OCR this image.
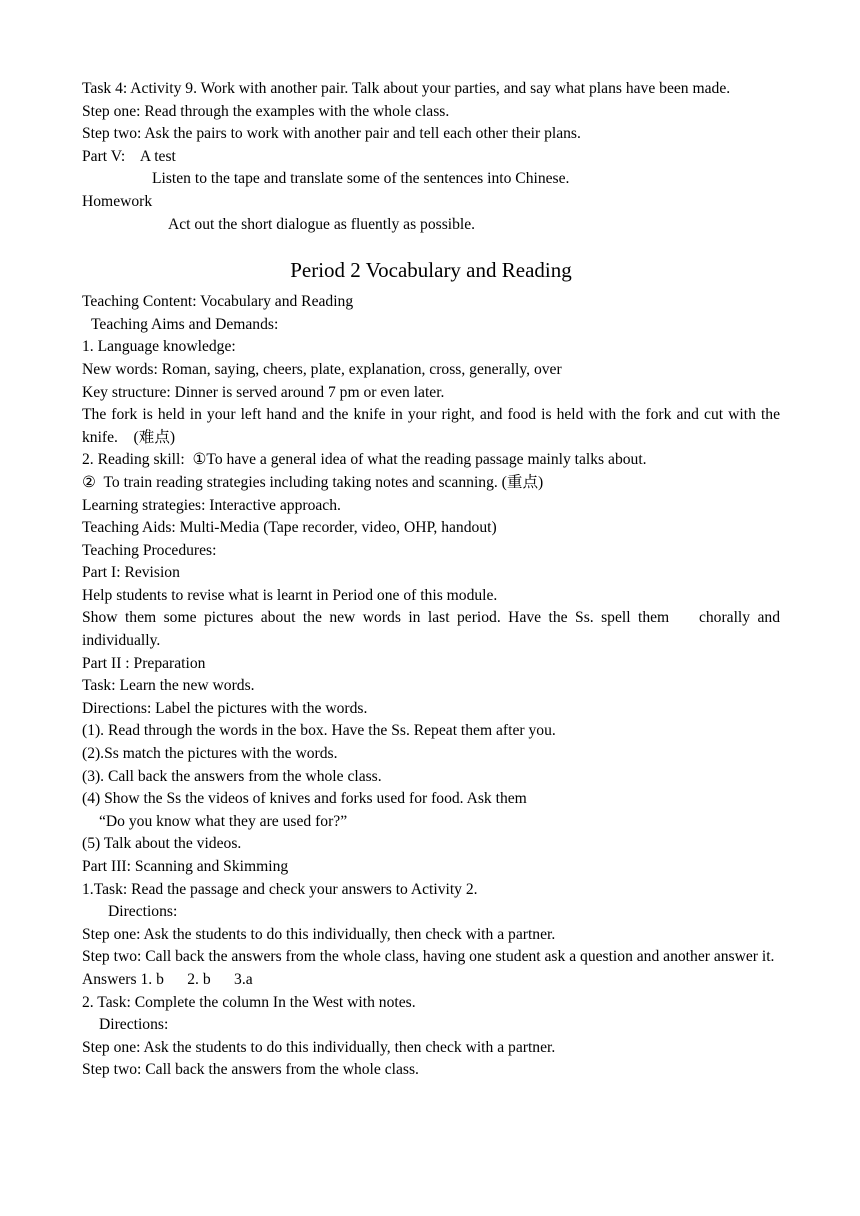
Task 4: Activity 9. Work with another pair. Talk about your parties, and say what plans have been made.

Step one: Read through the examples with the whole class.

Step two: Ask the pairs to work with another pair and tell each other their plans.

Part V:    A test

Listen to the tape and translate some of the sentences into Chinese.

Homework

Act out the short dialogue as fluently as possible.

Period 2 Vocabulary and Reading

Teaching Content: Vocabulary and Reading

Teaching Aims and Demands:

1. Language knowledge:

New words: Roman, saying, cheers, plate, explanation, cross, generally, over

Key structure: Dinner is served around 7 pm or even later.

The fork is held in your left hand and the knife in your right, and food is held with the fork and cut with the knife.    (难点)

2. Reading skill:  ①To have a general idea of what the reading passage mainly talks about.

②  To train reading strategies including taking notes and scanning. (重点)

Learning strategies: Interactive approach.

Teaching Aids: Multi-Media (Tape recorder, video, OHP, handout)

Teaching Procedures:

Part I: Revision

Help students to revise what is learnt in Period one of this module.

Show them some pictures about the new words in last period. Have the Ss. spell them    chorally and individually.

Part II : Preparation

Task: Learn the new words.

Directions: Label the pictures with the words.

(1). Read through the words in the box. Have the Ss. Repeat them after you.

(2).Ss match the pictures with the words.

(3). Call back the answers from the whole class.

(4) Show the Ss the videos of knives and forks used for food. Ask them

“Do you know what they are used for?”

(5) Talk about the videos.

Part III: Scanning and Skimming

1.Task: Read the passage and check your answers to Activity 2.

Directions:

Step one: Ask the students to do this individually, then check with a partner.

Step two: Call back the answers from the whole class, having one student ask a question and another answer it.

Answers 1. b      2. b      3.a

2. Task: Complete the column In the West with notes.

Directions:

Step one: Ask the students to do this individually, then check with a partner.

Step two: Call back the answers from the whole class.
